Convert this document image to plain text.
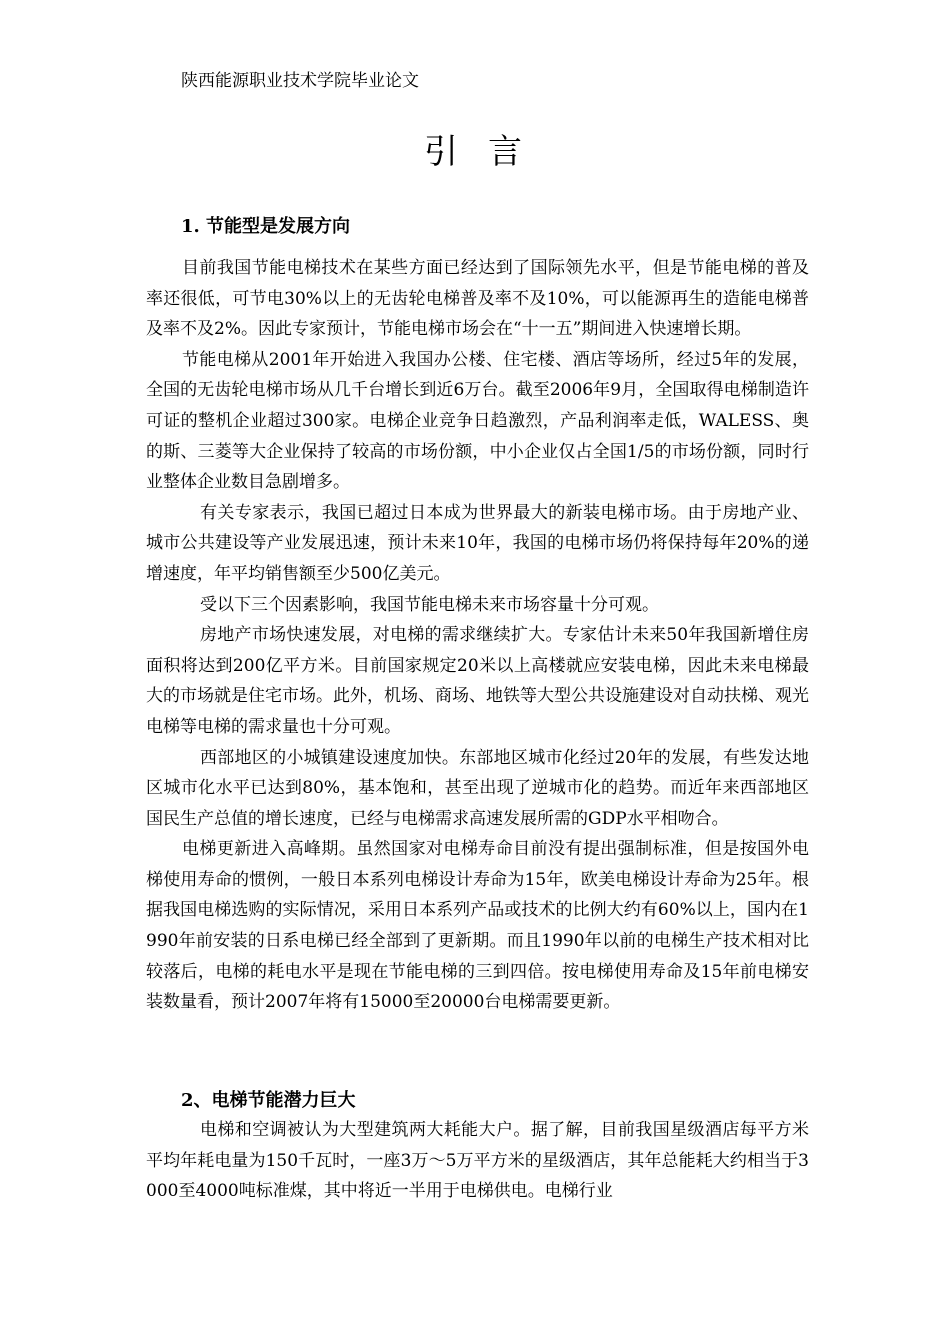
陕西能源职业技术学院毕业论文
引言
1. 节能型是发展方向

目前我国节能电梯技术在某些方面已经达到了国际领先水平，但是节能电梯的普及率还很低，可节电30%以上的无齿轮电梯普及率不及10%，可以能源再生的造能电梯普及率不及2%。因此专家预计，节能电梯市场会在“十一五”期间进入快速增长期。

节能电梯从2001年开始进入我国办公楼、住宅楼、酒店等场所，经过5年的发展，全国的无齿轮电梯市场从几千台增长到近6万台。截至2006年9月，全国取得电梯制造许可证的整机企业超过300家。电梯企业竞争日趋激烈，产品利润率走低，WALESS、奥的斯、三菱等大企业保持了较高的市场份额，中小企业仅占全国1/5的市场份额，同时行业整体企业数目急剧增多。

有关专家表示，我国已超过日本成为世界最大的新装电梯市场。由于房地产业、城市公共建设等产业发展迅速，预计未来10年，我国的电梯市场仍将保持每年20%的递增速度，年平均销售额至少500亿美元。

受以下三个因素影响，我国节能电梯未来市场容量十分可观。

房地产市场快速发展，对电梯的需求继续扩大。专家估计未来50年我国新增住房面积将达到200亿平方米。目前国家规定20米以上高楼就应安装电梯，因此未来电梯最大的市场就是住宅市场。此外，机场、商场、地铁等大型公共设施建设对自动扶梯、观光电梯等电梯的需求量也十分可观。

西部地区的小城镇建设速度加快。东部地区城市化经过20年的发展，有些发达地区城市化水平已达到80%，基本饱和，甚至出现了逆城市化的趋势。而近年来西部地区国民生产总值的增长速度，已经与电梯需求高速发展所需的GDP水平相吻合。

电梯更新进入高峰期。虽然国家对电梯寿命目前没有提出强制标准，但是按国外电梯使用寿命的惯例，一般日本系列电梯设计寿命为15年，欧美电梯设计寿命为25年。根据我国电梯选购的实际情况，采用日本系列产品或技术的比例大约有60%以上，国内在1990年前安装的日系电梯已经全部到了更新期。而且1990年以前的电梯生产技术相对比较落后，电梯的耗电水平是现在节能电梯的三到四倍。按电梯使用寿命及15年前电梯安装数量看，预计2007年将有15000至20000台电梯需要更新。

2、电梯节能潜力巨大

电梯和空调被认为大型建筑两大耗能大户。据了解，目前我国星级酒店每平方米平均年耗电量为150千瓦时，一座3万～5万平方米的星级酒店，其年总能耗大约相当于3000至4000吨标准煤，其中将近一半用于电梯供电。电梯行业
